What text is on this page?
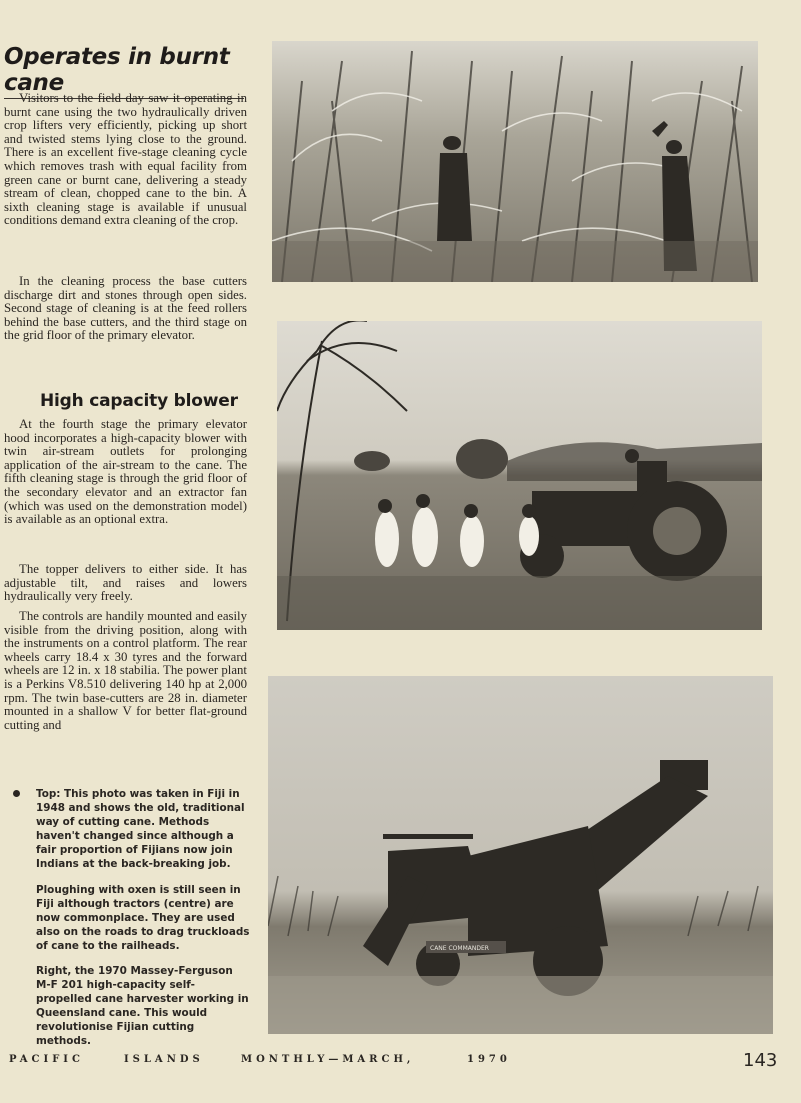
Operates in burnt cane

Visitors to the field day saw it operating in burnt cane using the two hydraulically driven crop lifters very efficiently, picking up short and twisted stems lying close to the ground. There is an excellent five-stage cleaning cycle which removes trash with equal facility from green cane or burnt cane, delivering a steady stream of clean, chopped cane to the bin. A sixth cleaning stage is available if unusual conditions demand extra cleaning of the crop.

In the cleaning process the base cutters discharge dirt and stones through open sides. Second stage of cleaning is at the feed rollers behind the base cutters, and the third stage on the grid floor of the primary elevator.

High capacity blower

At the fourth stage the primary elevator hood incorporates a high-capacity blower with twin air-stream outlets for prolonging application of the air-stream to the cane. The fifth cleaning stage is through the grid floor of the secondary elevator and an extractor fan (which was used on the demonstration model) is available as an optional extra.

The topper delivers to either side. It has adjustable tilt, and raises and lowers hydraulically very freely.

The controls are handily mounted and easily visible from the driving position, along with the instruments on a control platform. The rear wheels carry 18.4 x 30 tyres and the forward wheels are 12 in. x 18 stabilia. The power plant is a Perkins V8.510 delivering 140 hp at 2,000 rpm. The twin base-cutters are 28 in. diameter mounted in a shallow V for better flat-ground cutting and

Top: This photo was taken in Fiji in 1948 and shows the old, traditional way of cutting cane. Methods haven't changed since although a fair proportion of Fijians now join Indians at the back-breaking job.

Ploughing with oxen is still seen in Fiji although tractors (centre) are now commonplace. They are used also on the roads to drag truckloads of cane to the railheads.

Right, the 1970 Massey-Ferguson M-F 201 high-capacity self-propelled cane harvester working in Queensland cane. This would revolutionise Fijian cutting methods.

CANE COMMANDER
PACIFIC	ISLANDS	MONTHLY—MARCH,	1970	143
